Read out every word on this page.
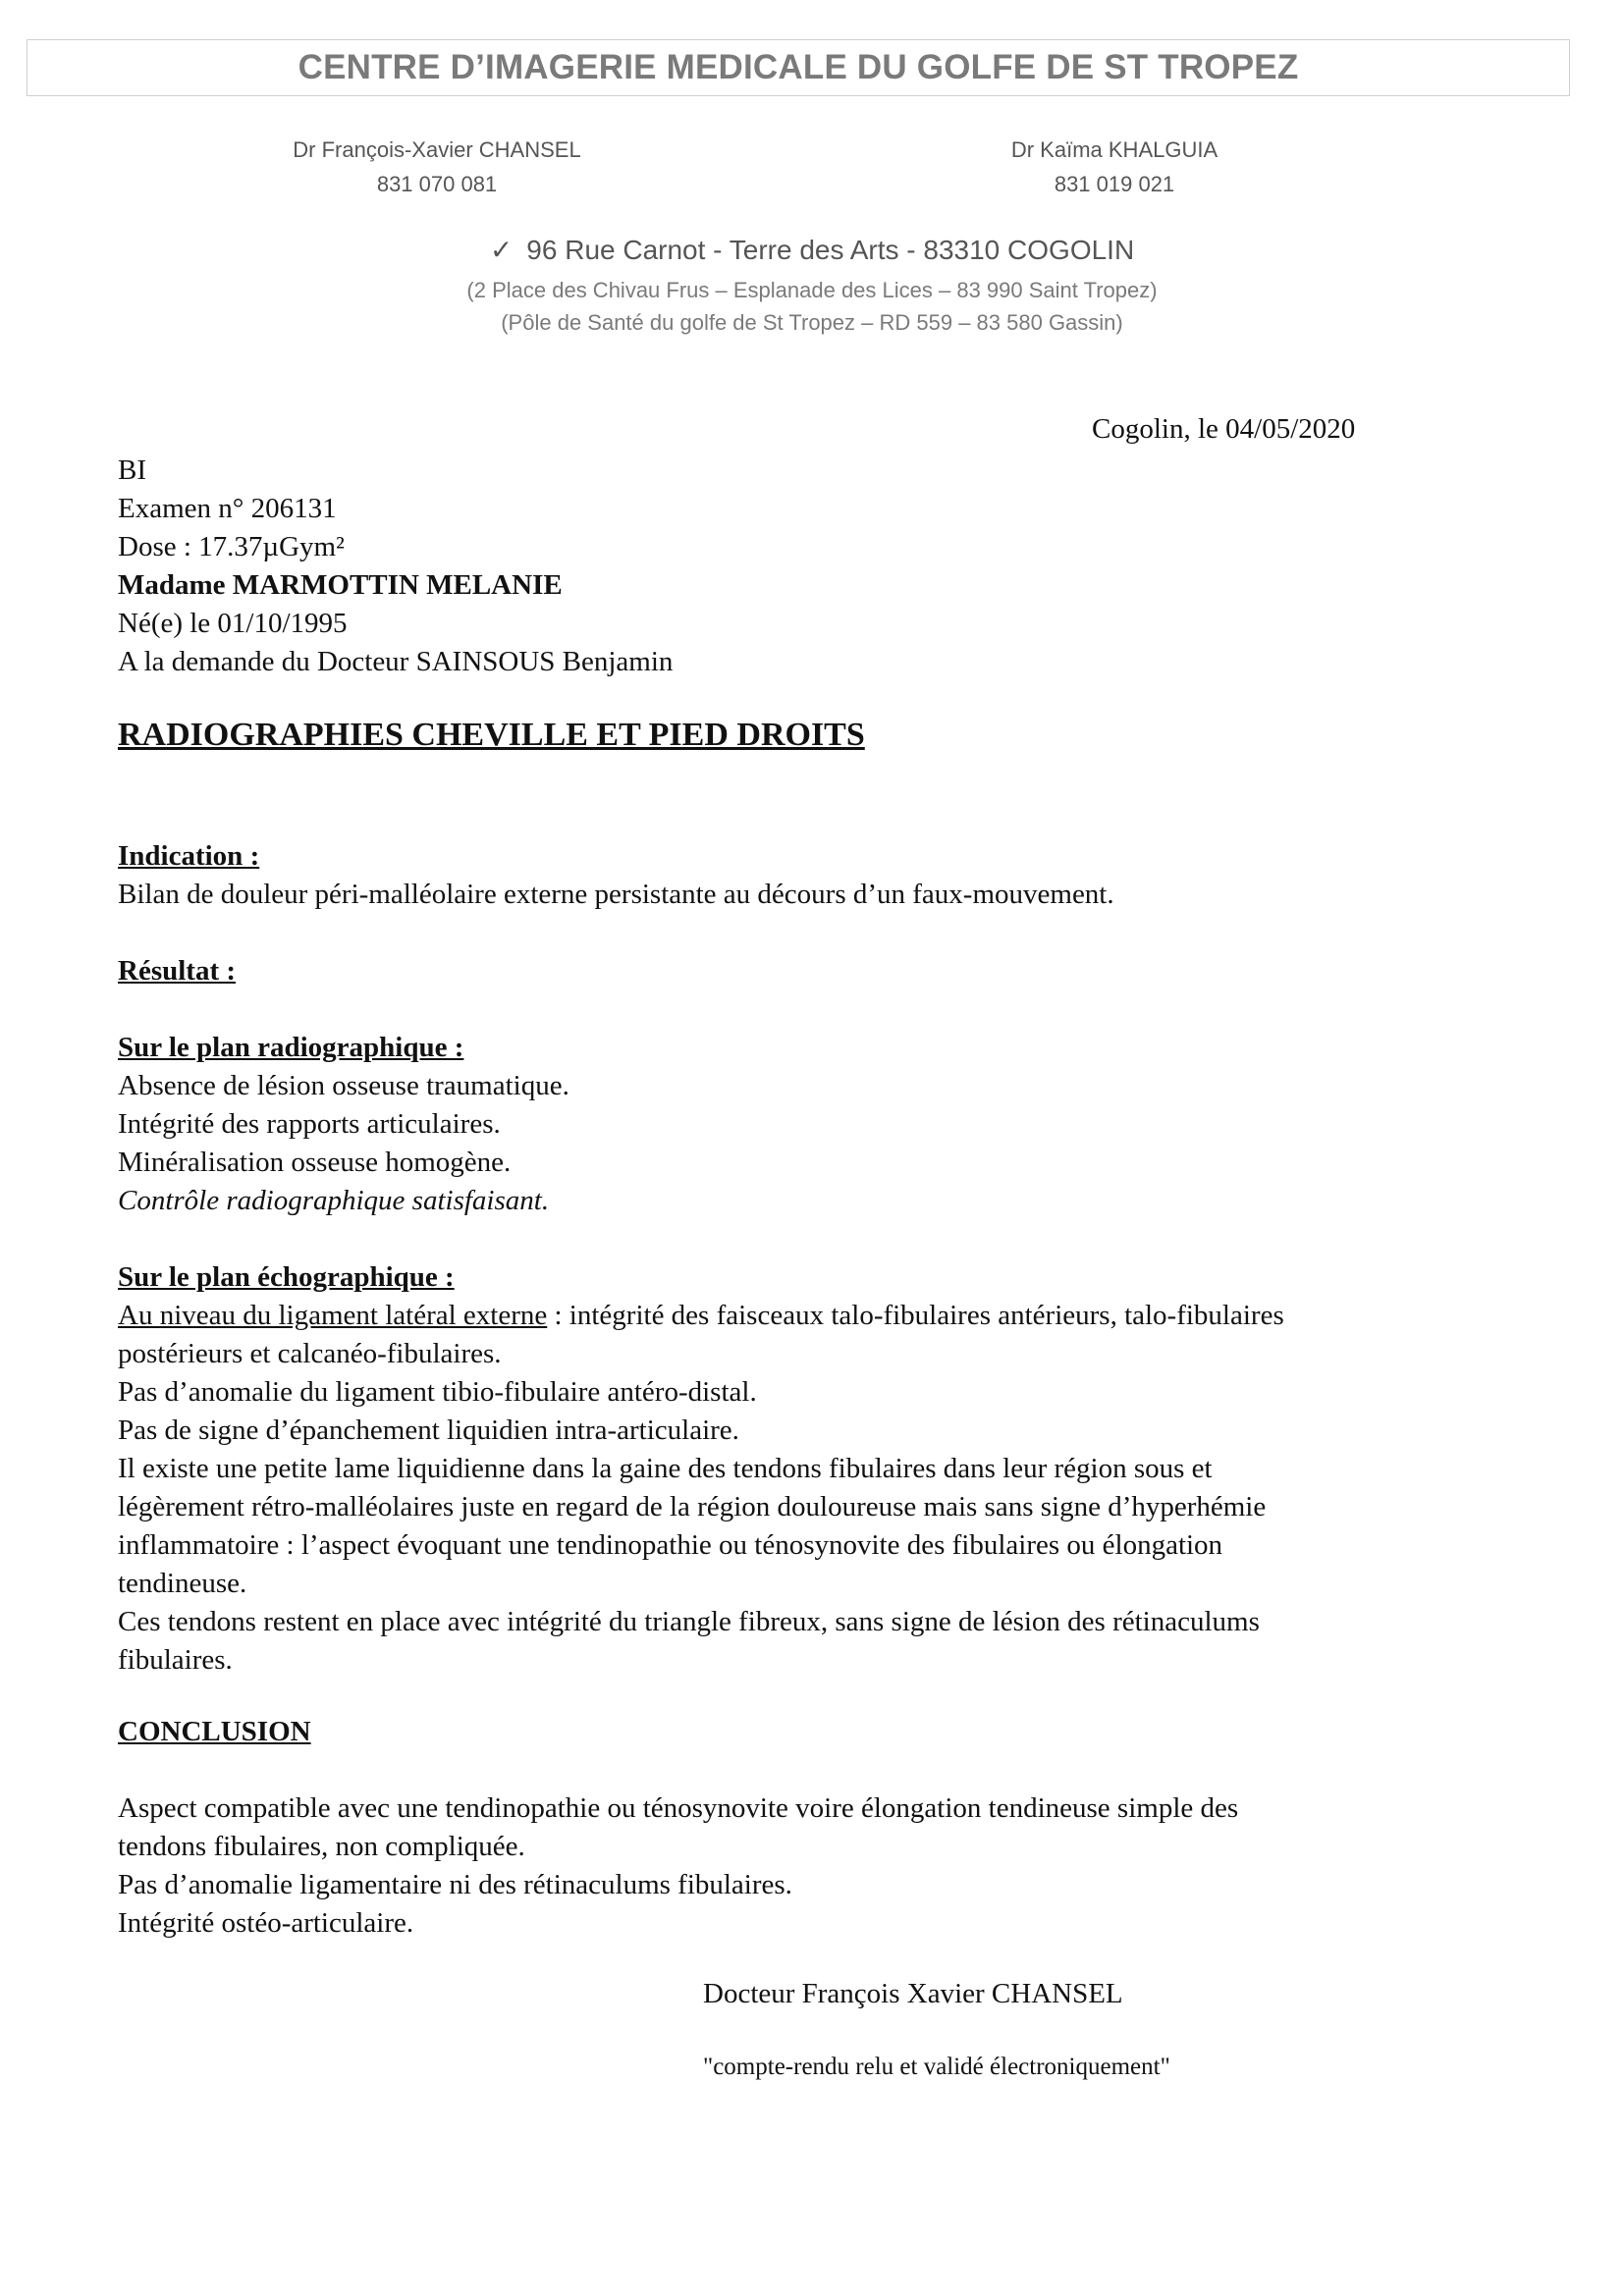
CENTRE D’IMAGERIE MEDICALE DU GOLFE DE ST TROPEZ
Dr François-Xavier CHANSEL
831 070 081
Dr Kaïma KHALGUIA
831 019 021
✓ 96 Rue Carnot - Terre des Arts - 83310 COGOLIN
(2 Place des Chivau Frus – Esplanade des Lices – 83 990 Saint Tropez)
(Pôle de Santé du golfe de St Tropez – RD 559 – 83 580 Gassin)
Cogolin, le 04/05/2020

BI

Examen n° 206131

Dose : 17.37µGym²

Madame MARMOTTIN MELANIE

Né(e) le 01/10/1995

A la demande du Docteur SAINSOUS Benjamin

RADIOGRAPHIES CHEVILLE ET PIED DROITS

Indication :

Bilan de douleur péri-malléolaire externe persistante au décours d’un faux-mouvement.

Résultat :

Sur le plan radiographique :

Absence de lésion osseuse traumatique.

Intégrité des rapports articulaires.

Minéralisation osseuse homogène.

Contrôle radiographique satisfaisant.

Sur le plan échographique :

Au niveau du ligament latéral externe : intégrité des faisceaux talo-fibulaires antérieurs, talo-fibulaires

postérieurs et calcanéo-fibulaires.

Pas d’anomalie du ligament tibio-fibulaire antéro-distal.

Pas de signe d’épanchement liquidien intra-articulaire.

Il existe une petite lame liquidienne dans la gaine des tendons fibulaires dans leur région sous et

légèrement rétro-malléolaires juste en regard de la région douloureuse mais sans signe d’hyperhémie

inflammatoire : l’aspect évoquant une tendinopathie ou ténosynovite des fibulaires ou élongation

tendineuse.

Ces tendons restent en place avec intégrité du triangle fibreux, sans signe de lésion des rétinaculums

fibulaires.

CONCLUSION

Aspect compatible avec une tendinopathie ou ténosynovite voire élongation tendineuse simple des

tendons fibulaires, non compliquée.

Pas d’anomalie ligamentaire ni des rétinaculums fibulaires.

Intégrité ostéo-articulaire.

Docteur François Xavier CHANSEL
"compte-rendu relu et validé électroniquement"
